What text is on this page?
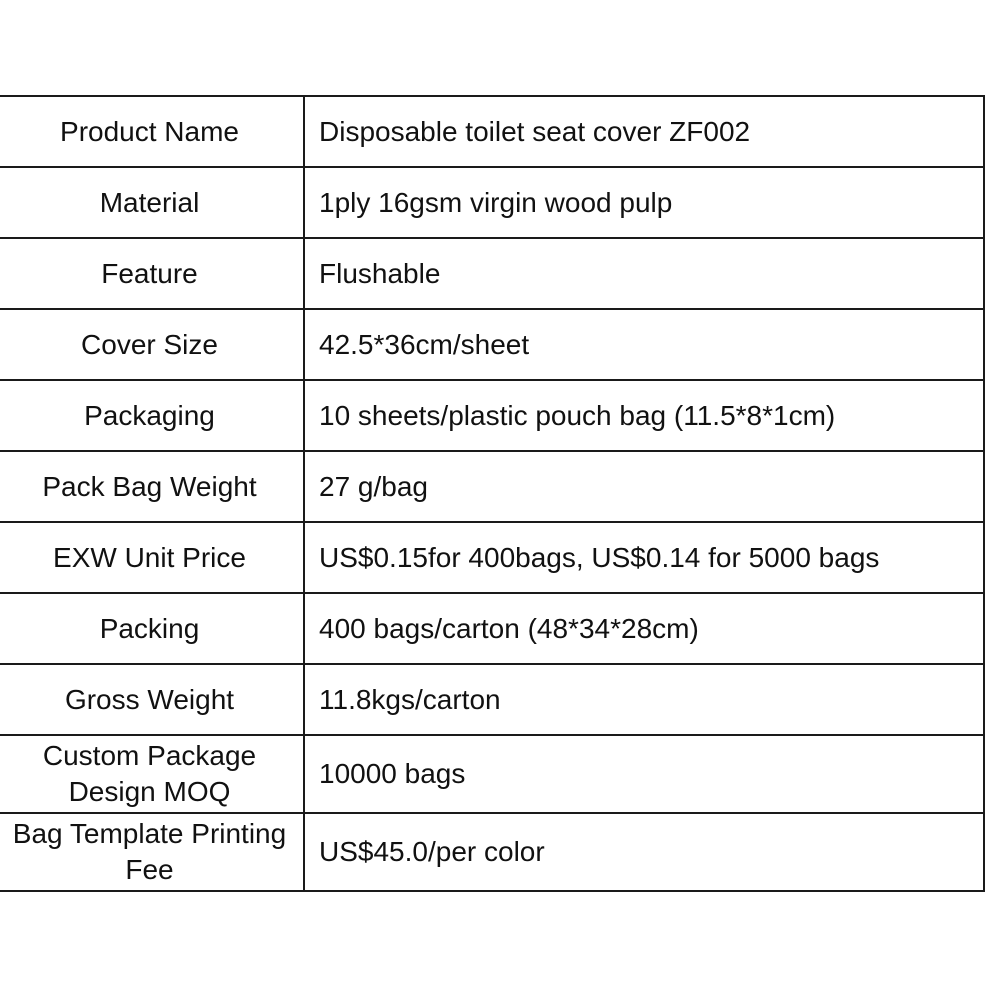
Product Name	Disposable toilet seat cover ZF002
Material	1ply 16gsm virgin wood pulp
Feature	Flushable
Cover Size	42.5*36cm/sheet
Packaging	10 sheets/plastic pouch bag (11.5*8*1cm)
Pack Bag Weight	27 g/bag
EXW Unit Price	US$0.15for 400bags, US$0.14 for 5000 bags
Packing	400 bags/carton (48*34*28cm)
Gross Weight	11.8kgs/carton
Custom Package Design MOQ	10000 bags
Bag Template Printing Fee	US$45.0/per color
